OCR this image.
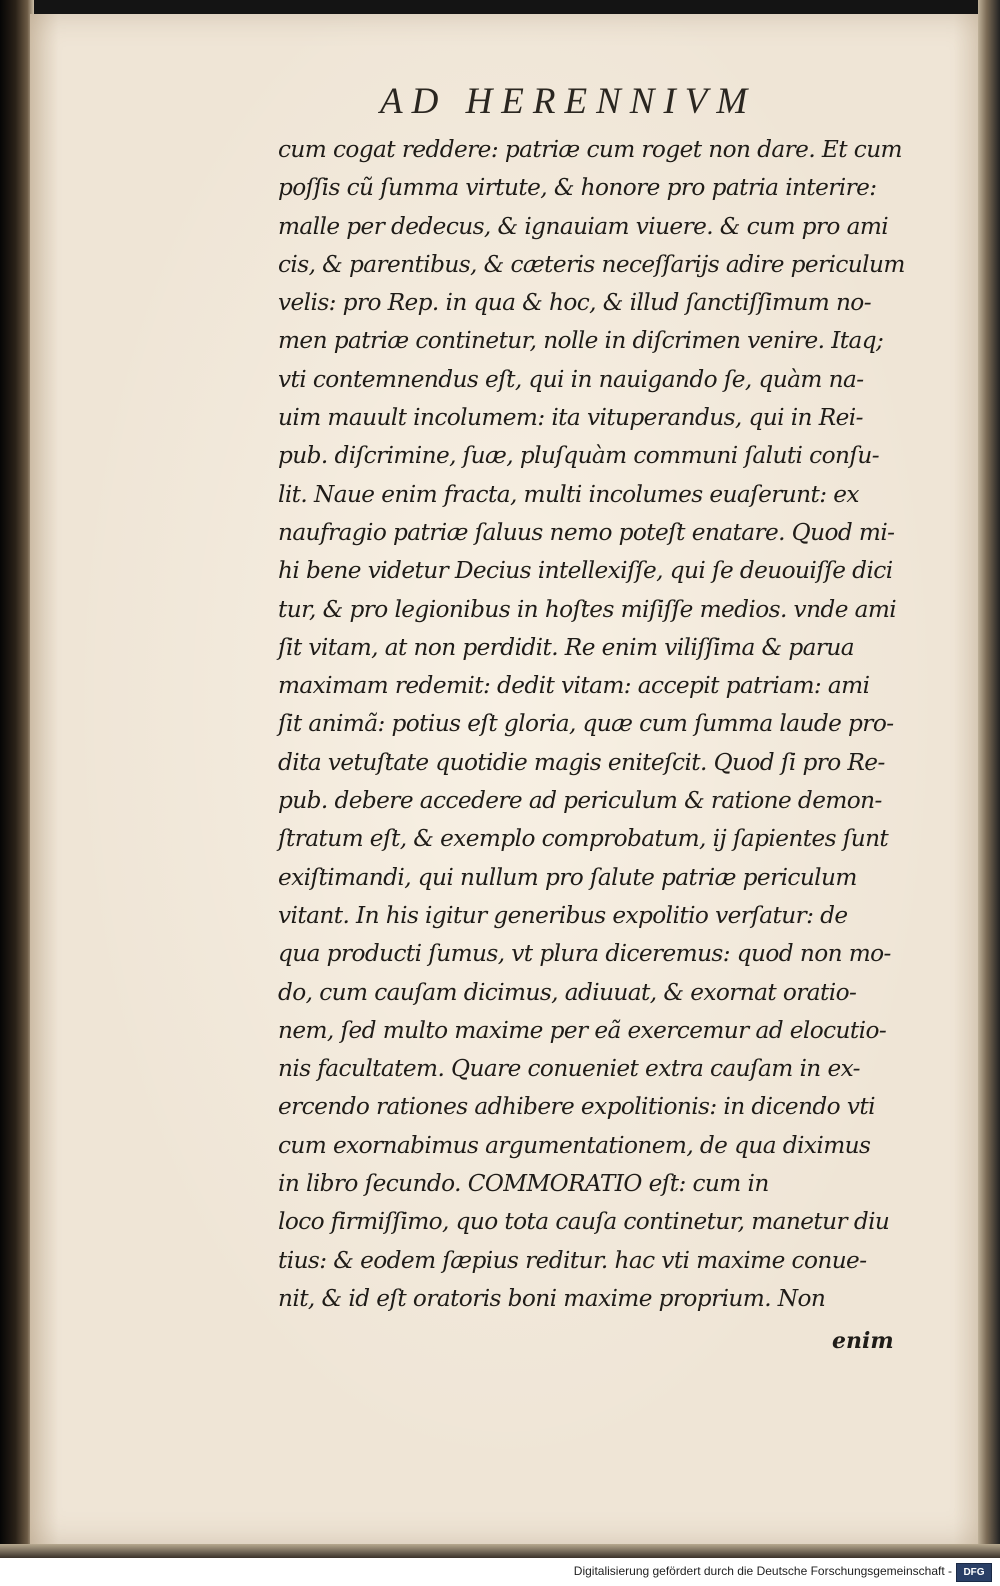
AD HERENNIVM
cum cogat reddere: patriæ cum roget non dare. Et cum
poſſis cũ ſumma virtute, & honore pro patria interire:
malle per dedecus, & ignauiam viuere. & cum pro ami
cis, & parentibus, & cæteris neceſſarijs adire periculum
velis: pro Rep. in qua & hoc, & illud ſanctiſſimum no-
men patriæ continetur, nolle in diſcrimen venire. Itaq;
vti contemnendus eſt, qui in nauigando ſe, quàm na-
uim mauult incolumem: ita vituperandus, qui in Rei-
pub. diſcrimine, ſuæ, pluſquàm communi ſaluti conſu-
lit. Naue enim fracta, multi incolumes euaſerunt: ex
naufragio patriæ ſaluus nemo poteſt enatare. Quod mi-
hi bene videtur Decius intellexiſſe, qui ſe deuouiſſe dici
tur, & pro legionibus in hoſtes miſiſſe medios. vnde ami
ſit vitam, at non perdidit. Re enim viliſſima & parua
maximam redemit: dedit vitam: accepit patriam: ami
ſit animã: potius eſt gloria, quæ cum ſumma laude pro-
dita vetuſtate quotidie magis eniteſcit. Quod ſi pro Re-
pub. debere accedere ad periculum & ratione demon-
ſtratum eſt, & exemplo comprobatum, ij ſapientes ſunt
exiſtimandi, qui nullum pro ſalute patriæ periculum
vitant. In his igitur generibus expolitio verſatur: de
qua producti ſumus, vt plura diceremus: quod non mo-
do, cum cauſam dicimus, adiuuat, & exornat oratio-
nem, ſed multo maxime per eã exercemur ad elocutio-
nis facultatem. Quare conueniet extra cauſam in ex-
ercendo rationes adhibere expolitionis: in dicendo vti
cum exornabimus argumentationem, de qua diximus
in libro ſecundo. COMMORATIO eſt: cum in
loco firmiſſimo, quo tota cauſa continetur, manetur diu
tius: & eodem ſæpius reditur. hac vti maxime conue-
nit, & id eſt oratoris boni maxime proprium. Non
enim
Digitalisierung gefördert durch die Deutsche Forschungsgemeinschaft -	DFG
